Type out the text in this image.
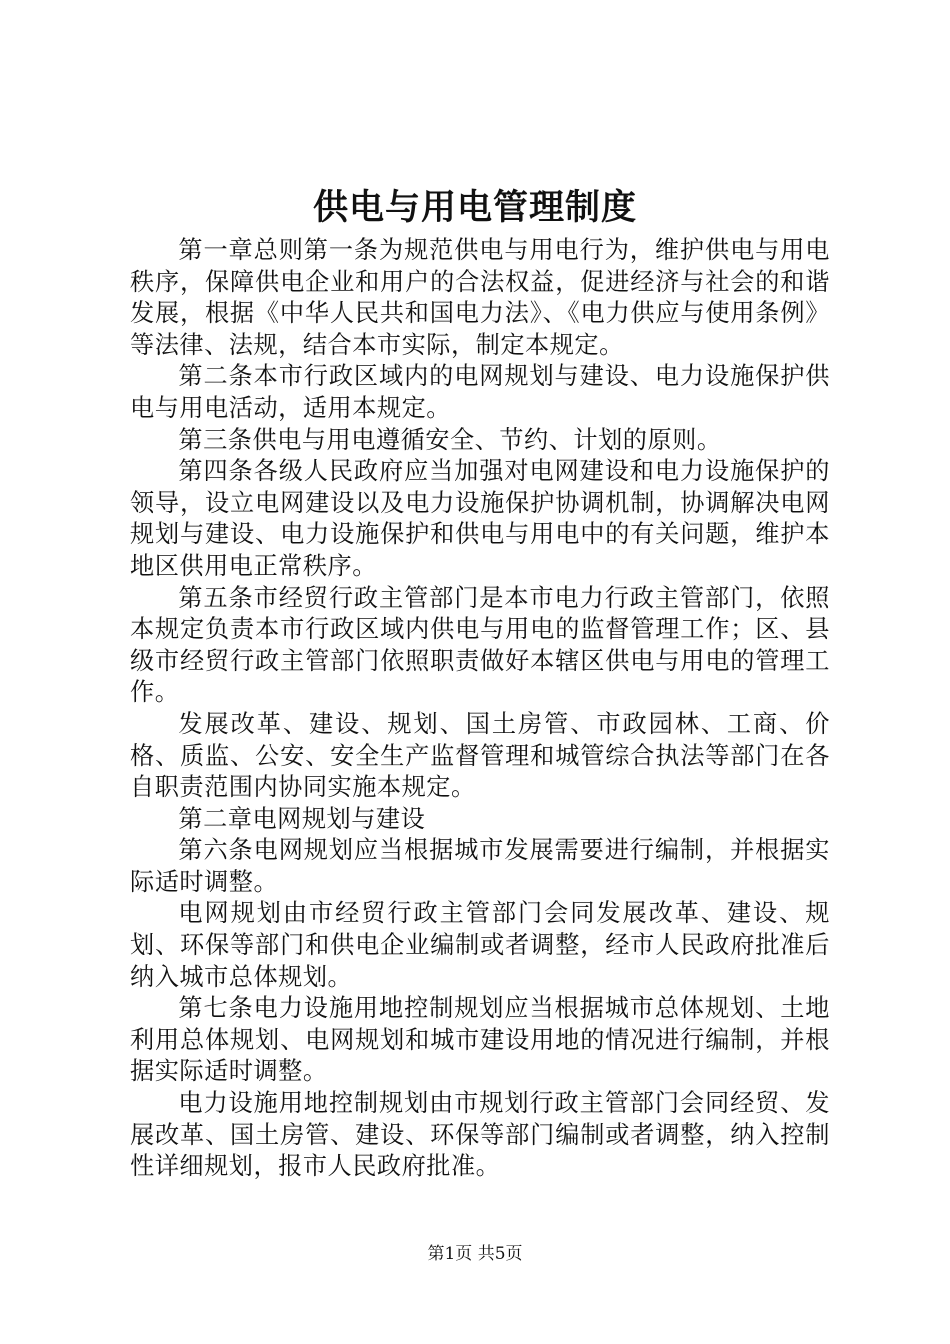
供电与用电管理制度

第一章总则第一条为规范供电与用电行为，维护供电与用电秩序，保障供电企业和用户的合法权益，促进经济与社会的和谐发展，根据《中华人民共和国电力法》、《电力供应与使用条例》等法律、法规，结合本市实际，制定本规定。

第二条本市行政区域内的电网规划与建设、电力设施保护供电与用电活动，适用本规定。

第三条供电与用电遵循安全、节约、计划的原则。

第四条各级人民政府应当加强对电网建设和电力设施保护的领导，设立电网建设以及电力设施保护协调机制，协调解决电网规划与建设、电力设施保护和供电与用电中的有关问题，维护本地区供用电正常秩序。

第五条市经贸行政主管部门是本市电力行政主管部门，依照本规定负责本市行政区域内供电与用电的监督管理工作；区、县级市经贸行政主管部门依照职责做好本辖区供电与用电的管理工作。

发展改革、建设、规划、国土房管、市政园林、工商、价格、质监、公安、安全生产监督管理和城管综合执法等部门在各自职责范围内协同实施本规定。

第二章电网规划与建设

第六条电网规划应当根据城市发展需要进行编制，并根据实际适时调整。

电网规划由市经贸行政主管部门会同发展改革、建设、规划、环保等部门和供电企业编制或者调整，经市人民政府批准后纳入城市总体规划。

第七条电力设施用地控制规划应当根据城市总体规划、土地利用总体规划、电网规划和城市建设用地的情况进行编制，并根据实际适时调整。

电力设施用地控制规划由市规划行政主管部门会同经贸、发展改革、国土房管、建设、环保等部门编制或者调整，纳入控制性详细规划，报市人民政府批准。

第1页 共5页
